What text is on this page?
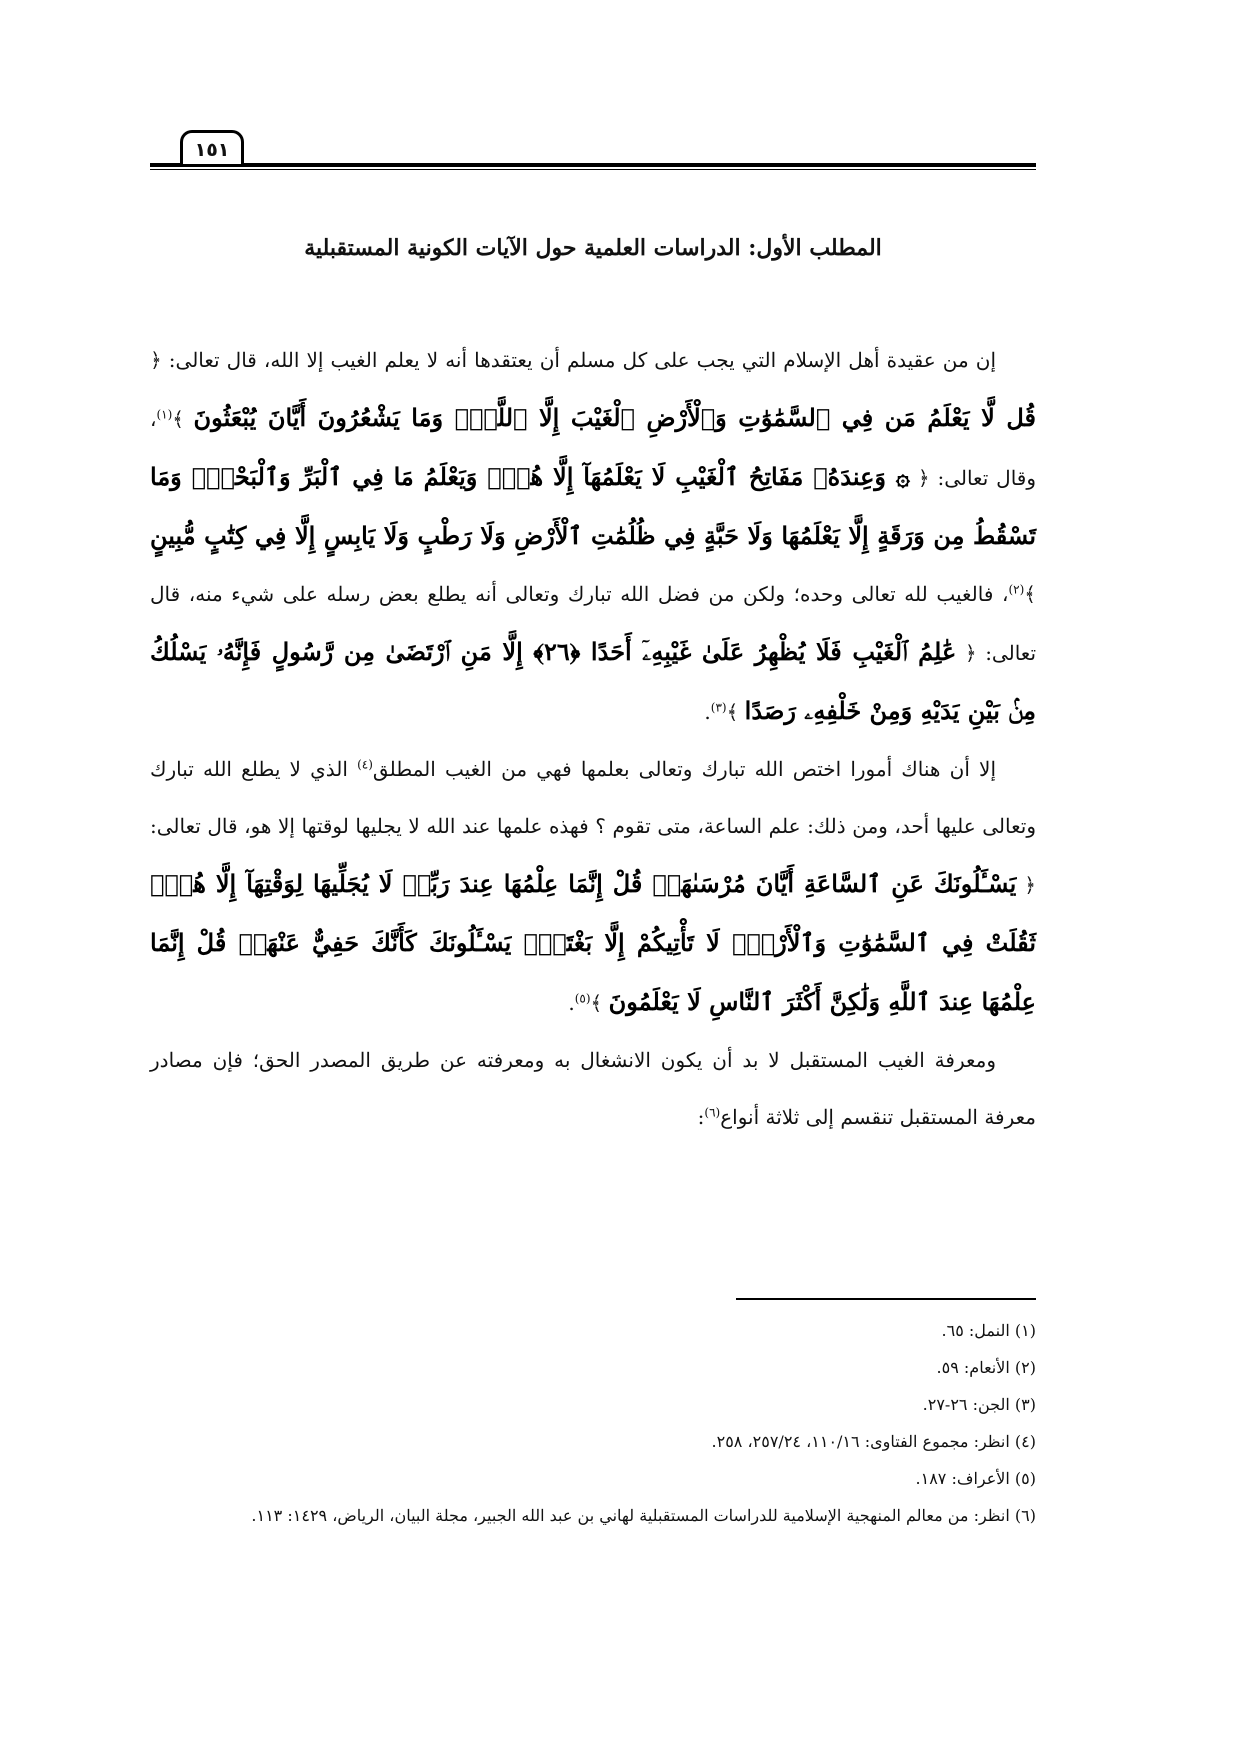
١٥١
المطلب الأول: الدراسات العلمية حول الآيات الكونية المستقبلية

إن من عقيدة أهل الإسلام التي يجب على كل مسلم أن يعتقدها أنه لا يعلم الغيب إلا الله، قال تعالى: ﴿ قُل لَّا يَعْلَمُ مَن فِي ٱلسَّمَٰوَٰتِ وَٱلْأَرْضِ ٱلْغَيْبَ إِلَّا ٱللَّهُۚ وَمَا يَشْعُرُونَ أَيَّانَ يُبْعَثُونَ ﴾$^{(١)}$، وقال تعالى: ﴿ ۞ وَعِندَهُۥ مَفَاتِحُ ٱلْغَيْبِ لَا يَعْلَمُهَآ إِلَّا هُوَۚ وَيَعْلَمُ مَا فِي ٱلْبَرِّ وَٱلْبَحْرِۚ وَمَا تَسْقُطُ مِن وَرَقَةٍ إِلَّا يَعْلَمُهَا وَلَا حَبَّةٍ فِي ظُلُمَٰتِ ٱلْأَرْضِ وَلَا رَطْبٍ وَلَا يَابِسٍ إِلَّا فِي كِتَٰبٍ مُّبِينٍ ﴾$^{(٢)}$، فالغيب لله تعالى وحده؛ ولكن من فضل الله تبارك وتعالى أنه يطلع بعض رسله على شيء منه، قال تعالى: ﴿ عَٰلِمُ ٱلْغَيْبِ فَلَا يُظْهِرُ عَلَىٰ غَيْبِهِۦٓ أَحَدًا ﴿٢٦﴾ إِلَّا مَنِ ٱرْتَضَىٰ مِن رَّسُولٍ فَإِنَّهُۥ يَسْلُكُ مِنۢ بَيْنِ يَدَيْهِ وَمِنْ خَلْفِهِۦ رَصَدًا ﴾$^{(٣)}$.

إلا أن هناك أمورا اختص الله تبارك وتعالى بعلمها فهي من الغيب المطلق$^{(٤)}$ الذي لا يطلع الله تبارك وتعالى عليها أحد، ومن ذلك: علم الساعة، متى تقوم ؟ فهذه علمها عند الله لا يجليها لوقتها إلا هو، قال تعالى: ﴿ يَسْـَٔلُونَكَ عَنِ ٱلسَّاعَةِ أَيَّانَ مُرْسَىٰهَاۖ قُلْ إِنَّمَا عِلْمُهَا عِندَ رَبِّيۖ لَا يُجَلِّيهَا لِوَقْتِهَآ إِلَّا هُوَۚ ثَقُلَتْ فِي ٱلسَّمَٰوَٰتِ وَٱلْأَرْضِۚ لَا تَأْتِيكُمْ إِلَّا بَغْتَةًۗ يَسْـَٔلُونَكَ كَأَنَّكَ حَفِيٌّ عَنْهَاۖ قُلْ إِنَّمَا عِلْمُهَا عِندَ ٱللَّهِ وَلَٰكِنَّ أَكْثَرَ ٱلنَّاسِ لَا يَعْلَمُونَ ﴾$^{(٥)}$.

ومعرفة الغيب المستقبل لا بد أن يكون الانشغال به ومعرفته عن طريق المصدر الحق؛ فإن مصادر معرفة المستقبل تنقسم إلى ثلاثة أنواع$^{(٦)}$:

(١) النمل: ٦٥.
(٢) الأنعام: ٥٩.
(٣) الجن: ٢٦-٢٧.
(٤) انظر: مجموع الفتاوى: ١١٠/١٦، ٢٥٧/٢٤، ٢٥٨.
(٥) الأعراف: ١٨٧.
(٦) انظر: من معالم المنهجية الإسلامية للدراسات المستقبلية لهاني بن عبد الله الجبير، مجلة البيان، الرياض، ١٤٢٩: ١١٣.
